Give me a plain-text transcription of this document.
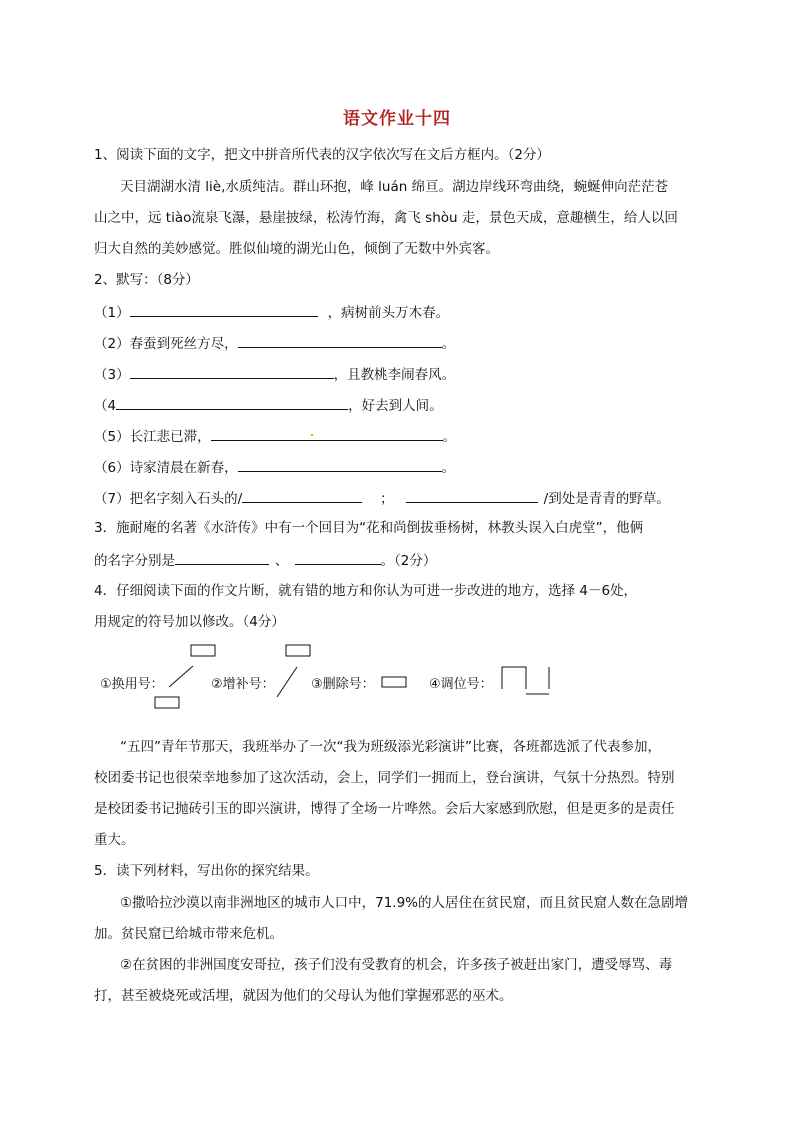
语文作业十四
1、阅读下面的文字，把文中拼音所代表的汉字依次写在文后方框内。（2分）
天目湖湖水清 liè,水质纯洁。群山环抱，峰 luán 绵亘。湖边岸线环弯曲绕，蜿蜒伸向茫茫苍
山之中，远 tiào流泉飞瀑，悬崖披绿，松涛竹海，禽飞 shòu 走，景色天成，意趣横生，给人以回
归大自然的美妙感觉。胜似仙境的湖光山色，倾倒了无数中外宾客。
2、默写：（8分）
（1）	，病树前头万木春。
（2）春蚕到死丝方尽，	。
（3）	，且教桃李闹春风。
（4	，好去到人间。
（5）长江悲已滞，	。
（6）诗家清晨在新春，	。
（7）把名字刻入石头的/	；	/到处是青青的野草。
3．施耐庵的名著《水浒传》中有一个回目为“花和尚倒拔垂杨树，林教头误入白虎堂”，他俩
的名字分别是	、	。（2分）
4．仔细阅读下面的作文片断，就有错的地方和你认为可进一步改进的地方，选择 4－6处，
用规定的符号加以修改。（4分）
①换用号：	②增补号：	③删除号：	④调位号：
“五四”青年节那天，我班举办了一次“我为班级添光彩演讲”比赛，各班都选派了代表参加，
校团委书记也很荣幸地参加了这次活动，会上，同学们一拥而上，登台演讲，气氛十分热烈。特别
是校团委书记抛砖引玉的即兴演讲，博得了全场一片哗然。会后大家感到欣慰，但是更多的是责任
重大。
5．读下列材料，写出你的探究结果。
①撒哈拉沙漠以南非洲地区的城市人口中，71.9%的人居住在贫民窟，而且贫民窟人数在急剧增
加。贫民窟已给城市带来危机。
②在贫困的非洲国度安哥拉，孩子们没有受教育的机会，许多孩子被赶出家门，遭受辱骂、毒
打，甚至被烧死或活埋，就因为他们的父母认为他们掌握邪恶的巫术。
